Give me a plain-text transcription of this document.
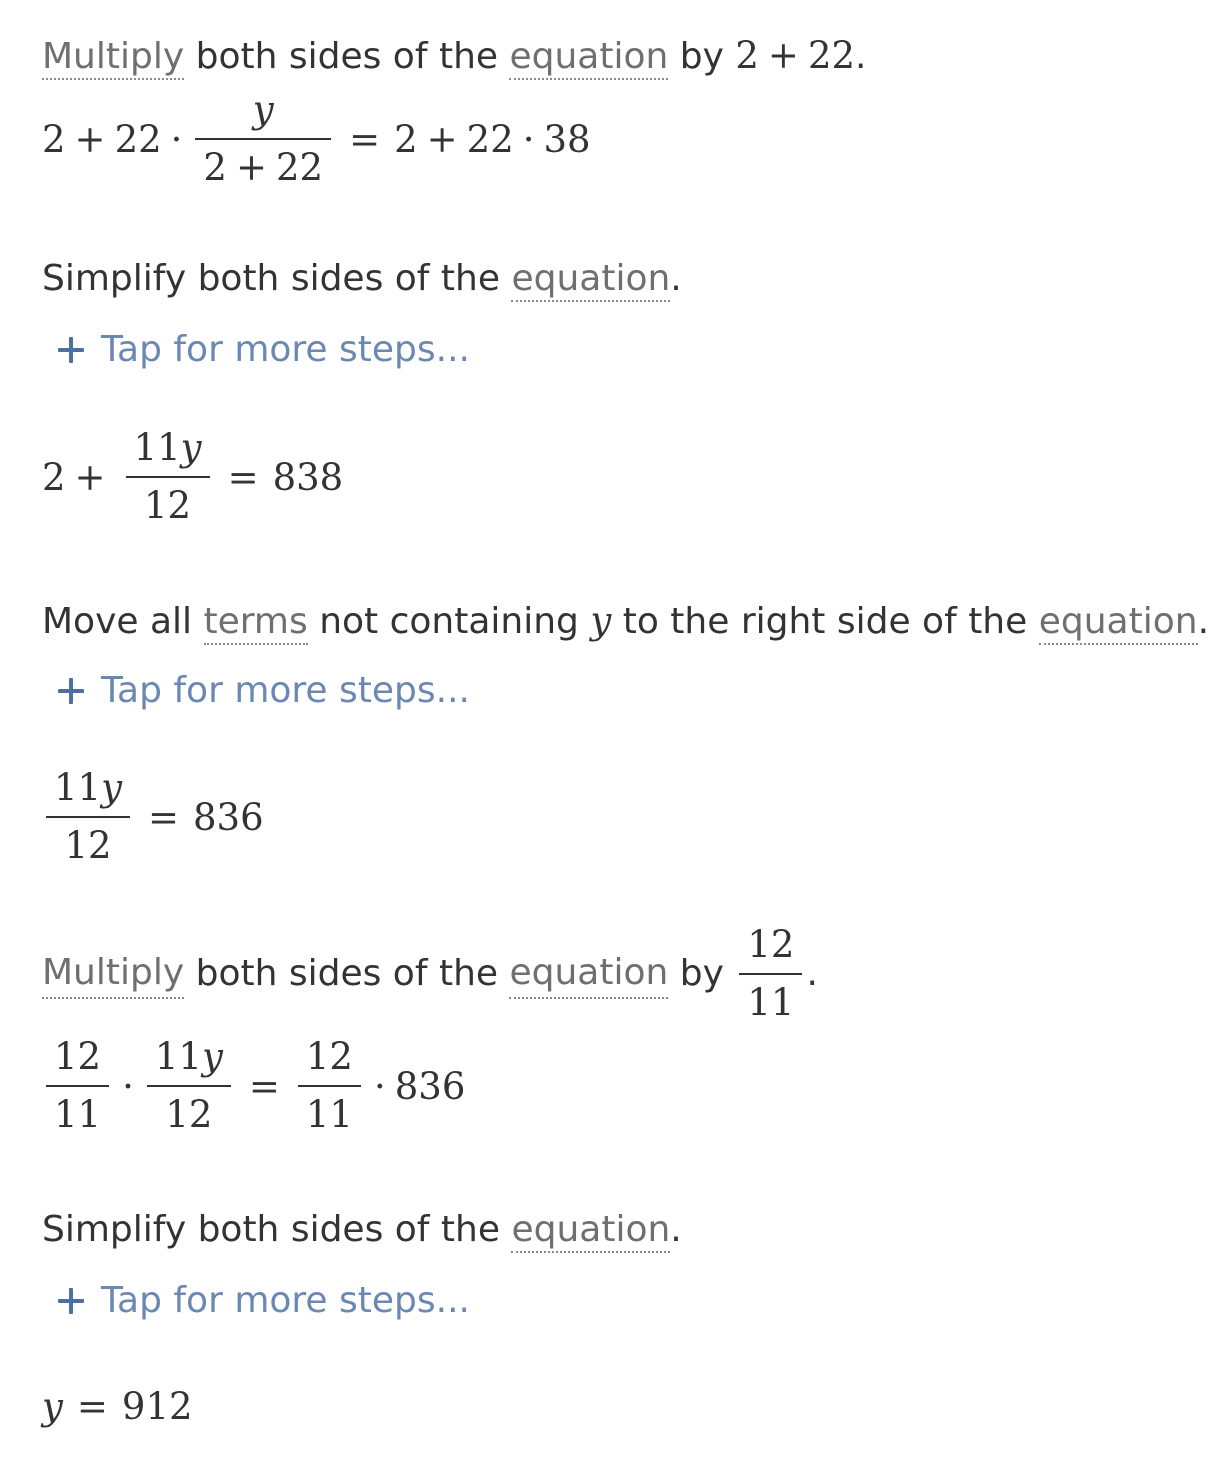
Multiply both sides of the equation by 2 + 22.
$2 + 22 \cdot \frac{y}{2 + 22} = 2 + 22 \cdot 38$
Simplify both sides of the equation.
Tap for more steps...
$2 + \frac{11y}{12} = 838$
Move all terms not containing y to the right side of the equation.
Tap for more steps...
$\frac{11y}{12} = 836$
Multiply both sides of the equation by $\frac{12}{11}$ .
$\frac{12}{11} \cdot \frac{11y}{12} = \frac{12}{11} \cdot 836$
Simplify both sides of the equation.
Tap for more steps...
y = 912
